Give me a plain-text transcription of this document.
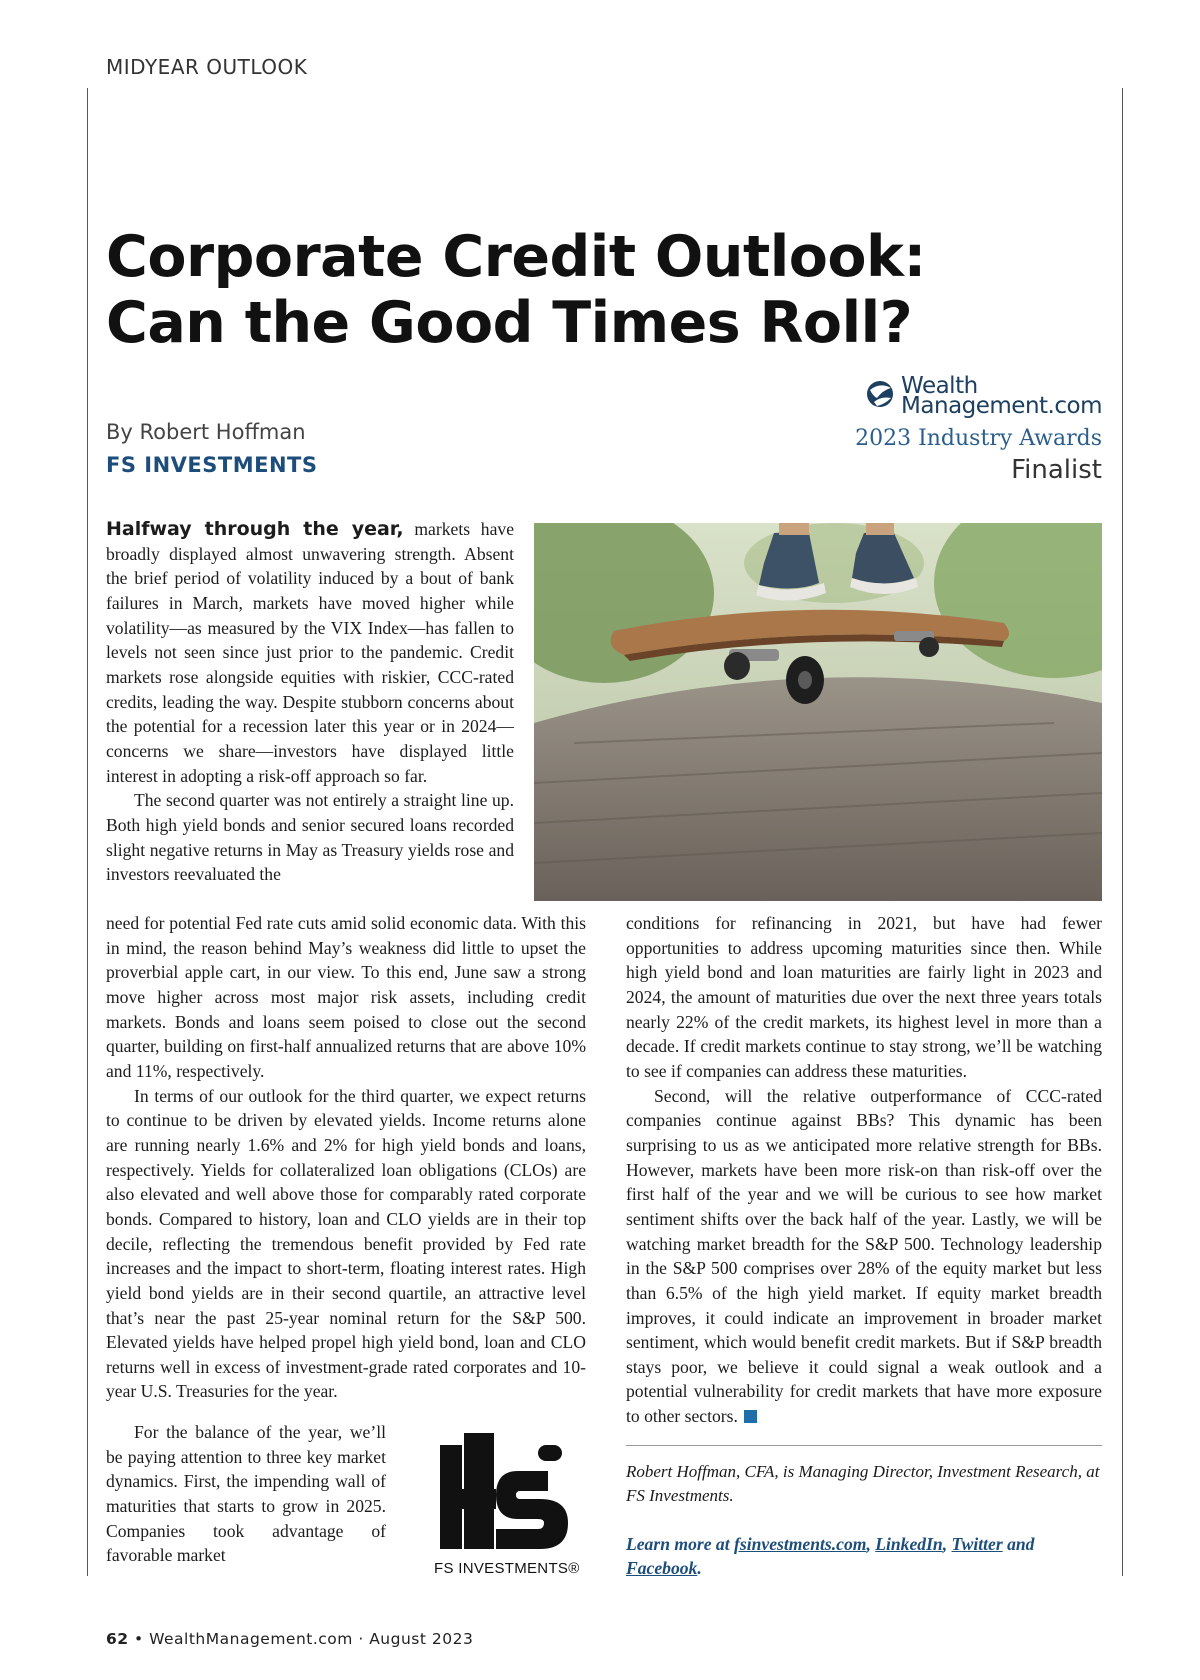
MIDYEAR OUTLOOK
Corporate Credit Outlook:
Can the Good Times Roll?
By Robert Hoffman
FS INVESTMENTS
Wealth
Management.com
2023 Industry Awards
Finalist

Halfway through the year, markets have broadly displayed almost unwavering strength. Absent the brief period of volatility induced by a bout of bank failures in March, markets have moved higher while volatility—as measured by the VIX Index—has fallen to levels not seen since just prior to the pandemic. Credit markets rose alongside equities with riskier, CCC-rated credits, leading the way. Despite stubborn concerns about the potential for a recession later this year or in 2024—concerns we share—investors have displayed little interest in adopting a risk-off approach so far.

The second quarter was not entirely a straight line up. Both high yield bonds and senior secured loans recorded slight negative returns in May as Treasury yields rose and investors reevaluated the

need for potential Fed rate cuts amid solid economic data. With this in mind, the reason behind May’s weakness did little to upset the proverbial apple cart, in our view. To this end, June saw a strong move higher across most major risk assets, including credit markets. Bonds and loans seem poised to close out the second quarter, building on first-half annualized returns that are above 10% and 11%, respectively.

In terms of our outlook for the third quarter, we expect returns to continue to be driven by elevated yields. Income returns alone are running nearly 1.6% and 2% for high yield bonds and loans, respectively. Yields for collateralized loan obligations (CLOs) are also elevated and well above those for comparably rated corporate bonds. Compared to history, loan and CLO yields are in their top decile, reflecting the tremendous benefit provided by Fed rate increases and the impact to short-term, floating interest rates. High yield bond yields are in their second quartile, an attractive level that’s near the past 25-year nominal return for the S&P 500. Elevated yields have helped propel high yield bond, loan and CLO returns well in excess of investment-grade rated corporates and 10-year U.S. Treasuries for the year.

For the balance of the year, we’ll be paying attention to three key market dynamics. First, the impending wall of maturities that starts to grow in 2025. Companies took advantage of favorable market

FS INVESTMENTS®

conditions for refinancing in 2021, but have had fewer opportunities to address upcoming maturities since then. While high yield bond and loan maturities are fairly light in 2023 and 2024, the amount of maturities due over the next three years totals nearly 22% of the credit markets, its highest level in more than a decade. If credit markets continue to stay strong, we’ll be watching to see if companies can address these maturities.

Second, will the relative outperformance of CCC-rated companies continue against BBs? This dynamic has been surprising to us as we anticipated more relative strength for BBs. However, markets have been more risk-on than risk-off over the first half of the year and we will be curious to see how market sentiment shifts over the back half of the year. Lastly, we will be watching market breadth for the S&P 500. Technology leadership in the S&P 500 comprises over 28% of the equity market but less than 6.5% of the high yield market. If equity market breadth improves, it could indicate an improvement in broader market sentiment, which would benefit credit markets. But if S&P breadth stays poor, we believe it could signal a weak outlook and a potential vulnerability for credit markets that have more exposure to other sectors.

Robert Hoffman, CFA, is Managing Director, Investment Research, at FS Investments.
Learn more at fsinvestments.com, LinkedIn, Twitter and Facebook.
62 • WealthManagement.com · August 2023
